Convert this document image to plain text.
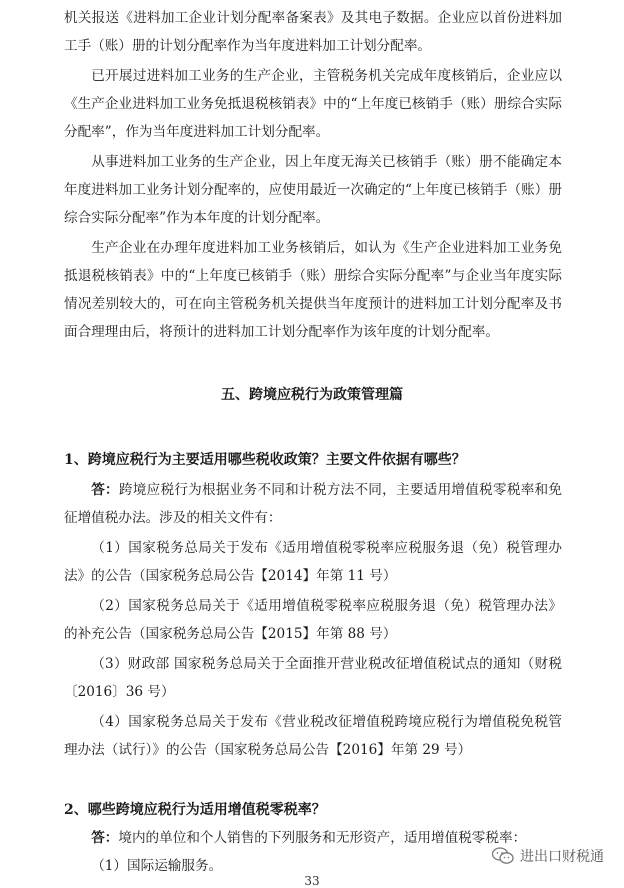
机关报送《进料加工企业计划分配率备案表》及其电子数据。企业应以首份进料加工手（账）册的计划分配率作为当年度进料加工计划分配率。

已开展过进料加工业务的生产企业，主管税务机关完成年度核销后，企业应以《生产企业进料加工业务免抵退税核销表》中的“上年度已核销手（账）册综合实际分配率”，作为当年度进料加工计划分配率。

从事进料加工业务的生产企业，因上年度无海关已核销手（账）册不能确定本年度进料加工业务计划分配率的，应使用最近一次确定的“上年度已核销手（账）册综合实际分配率”作为本年度的计划分配率。

生产企业在办理年度进料加工业务核销后，如认为《生产企业进料加工业务免抵退税核销表》中的“上年度已核销手（账）册综合实际分配率”与企业当年度实际情况差别较大的，可在向主管税务机关提供当年度预计的进料加工计划分配率及书面合理理由后，将预计的进料加工计划分配率作为该年度的计划分配率。

五、跨境应税行为政策管理篇

1、跨境应税行为主要适用哪些税收政策？主要文件依据有哪些？

答：跨境应税行为根据业务不同和计税方法不同，主要适用增值税零税率和免征增值税办法。涉及的相关文件有：

（1）国家税务总局关于发布《适用增值税零税率应税服务退（免）税管理办法》的公告（国家税务总局公告【2014】年第 11 号）

（2）国家税务总局关于《适用增值税零税率应税服务退（免）税管理办法》的补充公告（国家税务总局公告【2015】年第 88 号）

（3）财政部 国家税务总局关于全面推开营业税改征增值税试点的通知（财税〔2016〕36 号）

（4）国家税务总局关于发布《营业税改征增值税跨境应税行为增值税免税管理办法（试行）》的公告（国家税务总局公告【2016】年第 29 号）

2、哪些跨境应税行为适用增值税零税率？

答：境内的单位和个人销售的下列服务和无形资产，适用增值税零税率：

（1）国际运输服务。

33
进出口财税通
